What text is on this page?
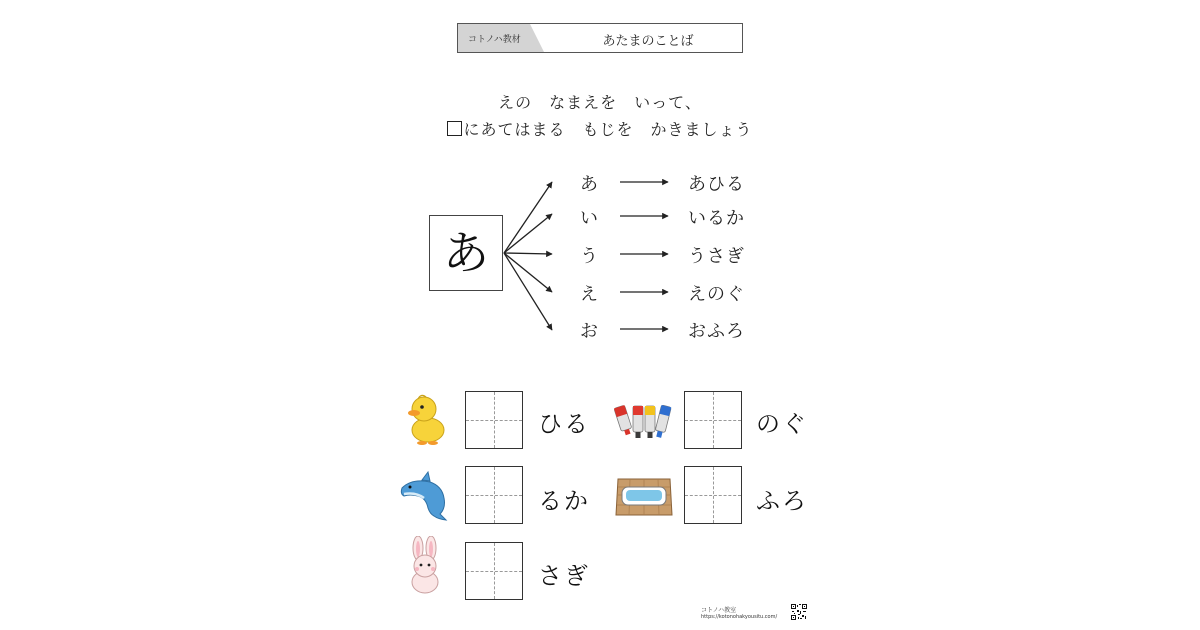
コトノハ教材	あたまのことば
えの　なまえを　いって、
にあてはまる　もじを　かきましょう
あ
あ	あひる
い	いるか
う	うさぎ
え	えのぐ
お	おふろ
ひる	のぐ
るか	ふろ
さぎ
コトノハ教室
https://kotonohakyousitu.com/
